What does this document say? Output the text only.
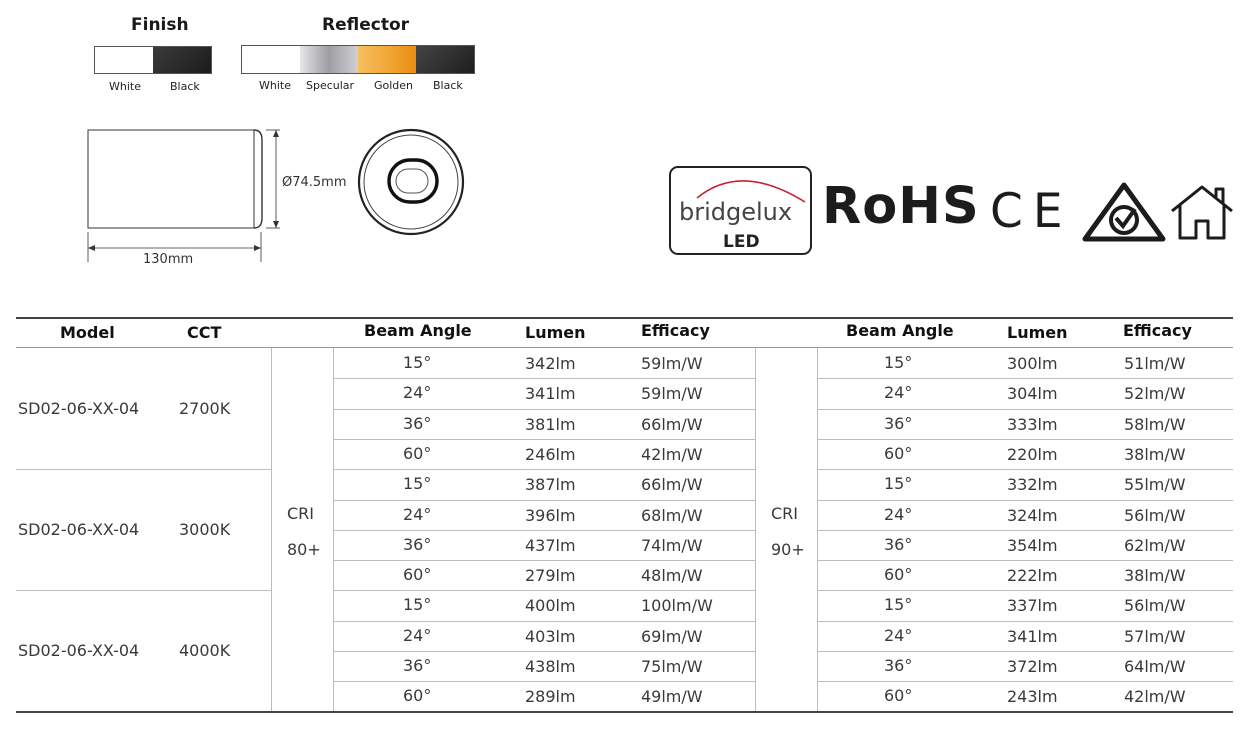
Finish
White	Black
Reflector
White Specular Golden Black
Ø74.5mm
130mm
bridgelux
LED
RoHS CE
Model	CCT	Beam Angle	Lumen	Efficacy	Beam Angle	Lumen	Efficacy
CRI
80+
CRI
90+
SD02-06-XX-04 2700K
15°	342lm	59lm/W	15°	300lm	51lm/W
24°	341lm	59lm/W	24°	304lm	52lm/W
36°	381lm	66lm/W	36°	333lm	58lm/W
60°	246lm	42lm/W	60°	220lm	38lm/W
SD02-06-XX-04 3000K
15°	387lm	66lm/W	15°	332lm	55lm/W
24°	396lm	68lm/W	24°	324lm	56lm/W
36°	437lm	74lm/W	36°	354lm	62lm/W
60°	279lm	48lm/W	60°	222lm	38lm/W
SD02-06-XX-04 4000K
15°	400lm	100lm/W	15°	337lm	56lm/W
24°	403lm	69lm/W	24°	341lm	57lm/W
36°	438lm	75lm/W	36°	372lm	64lm/W
60°	289lm	49lm/W	60°	243lm	42lm/W
